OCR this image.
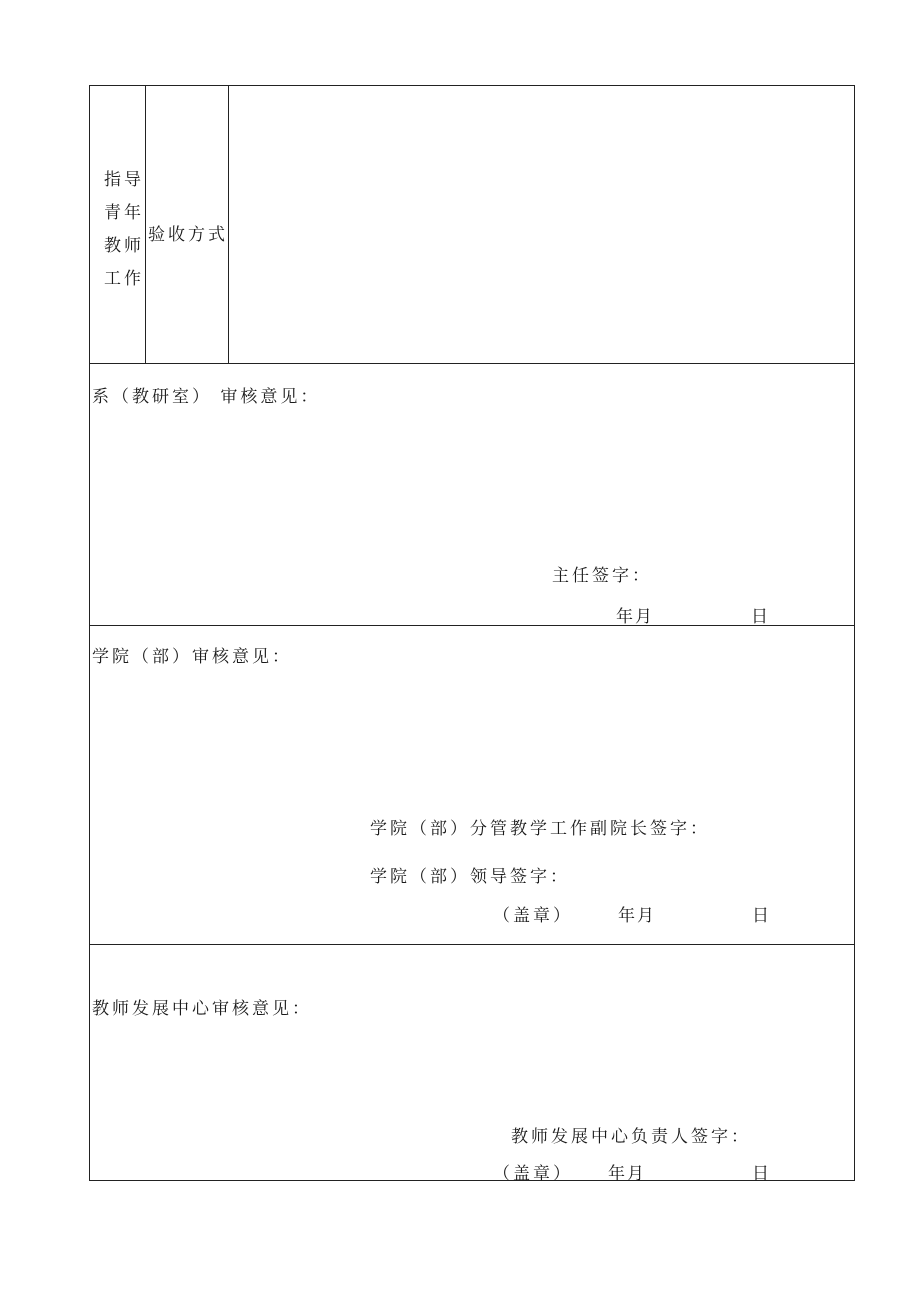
指导青年教师工作
验收方式
系（教研室） 审核意见：
主任签字：
年 月	日
学院（部）审核意见：
学院（部）分管教学工作副院长签字：
学院（部）领导签字：
（盖章）	年 月	日
教师发展中心审核意见：
教师发展中心负责人签字：
（盖章） 年 月	日
